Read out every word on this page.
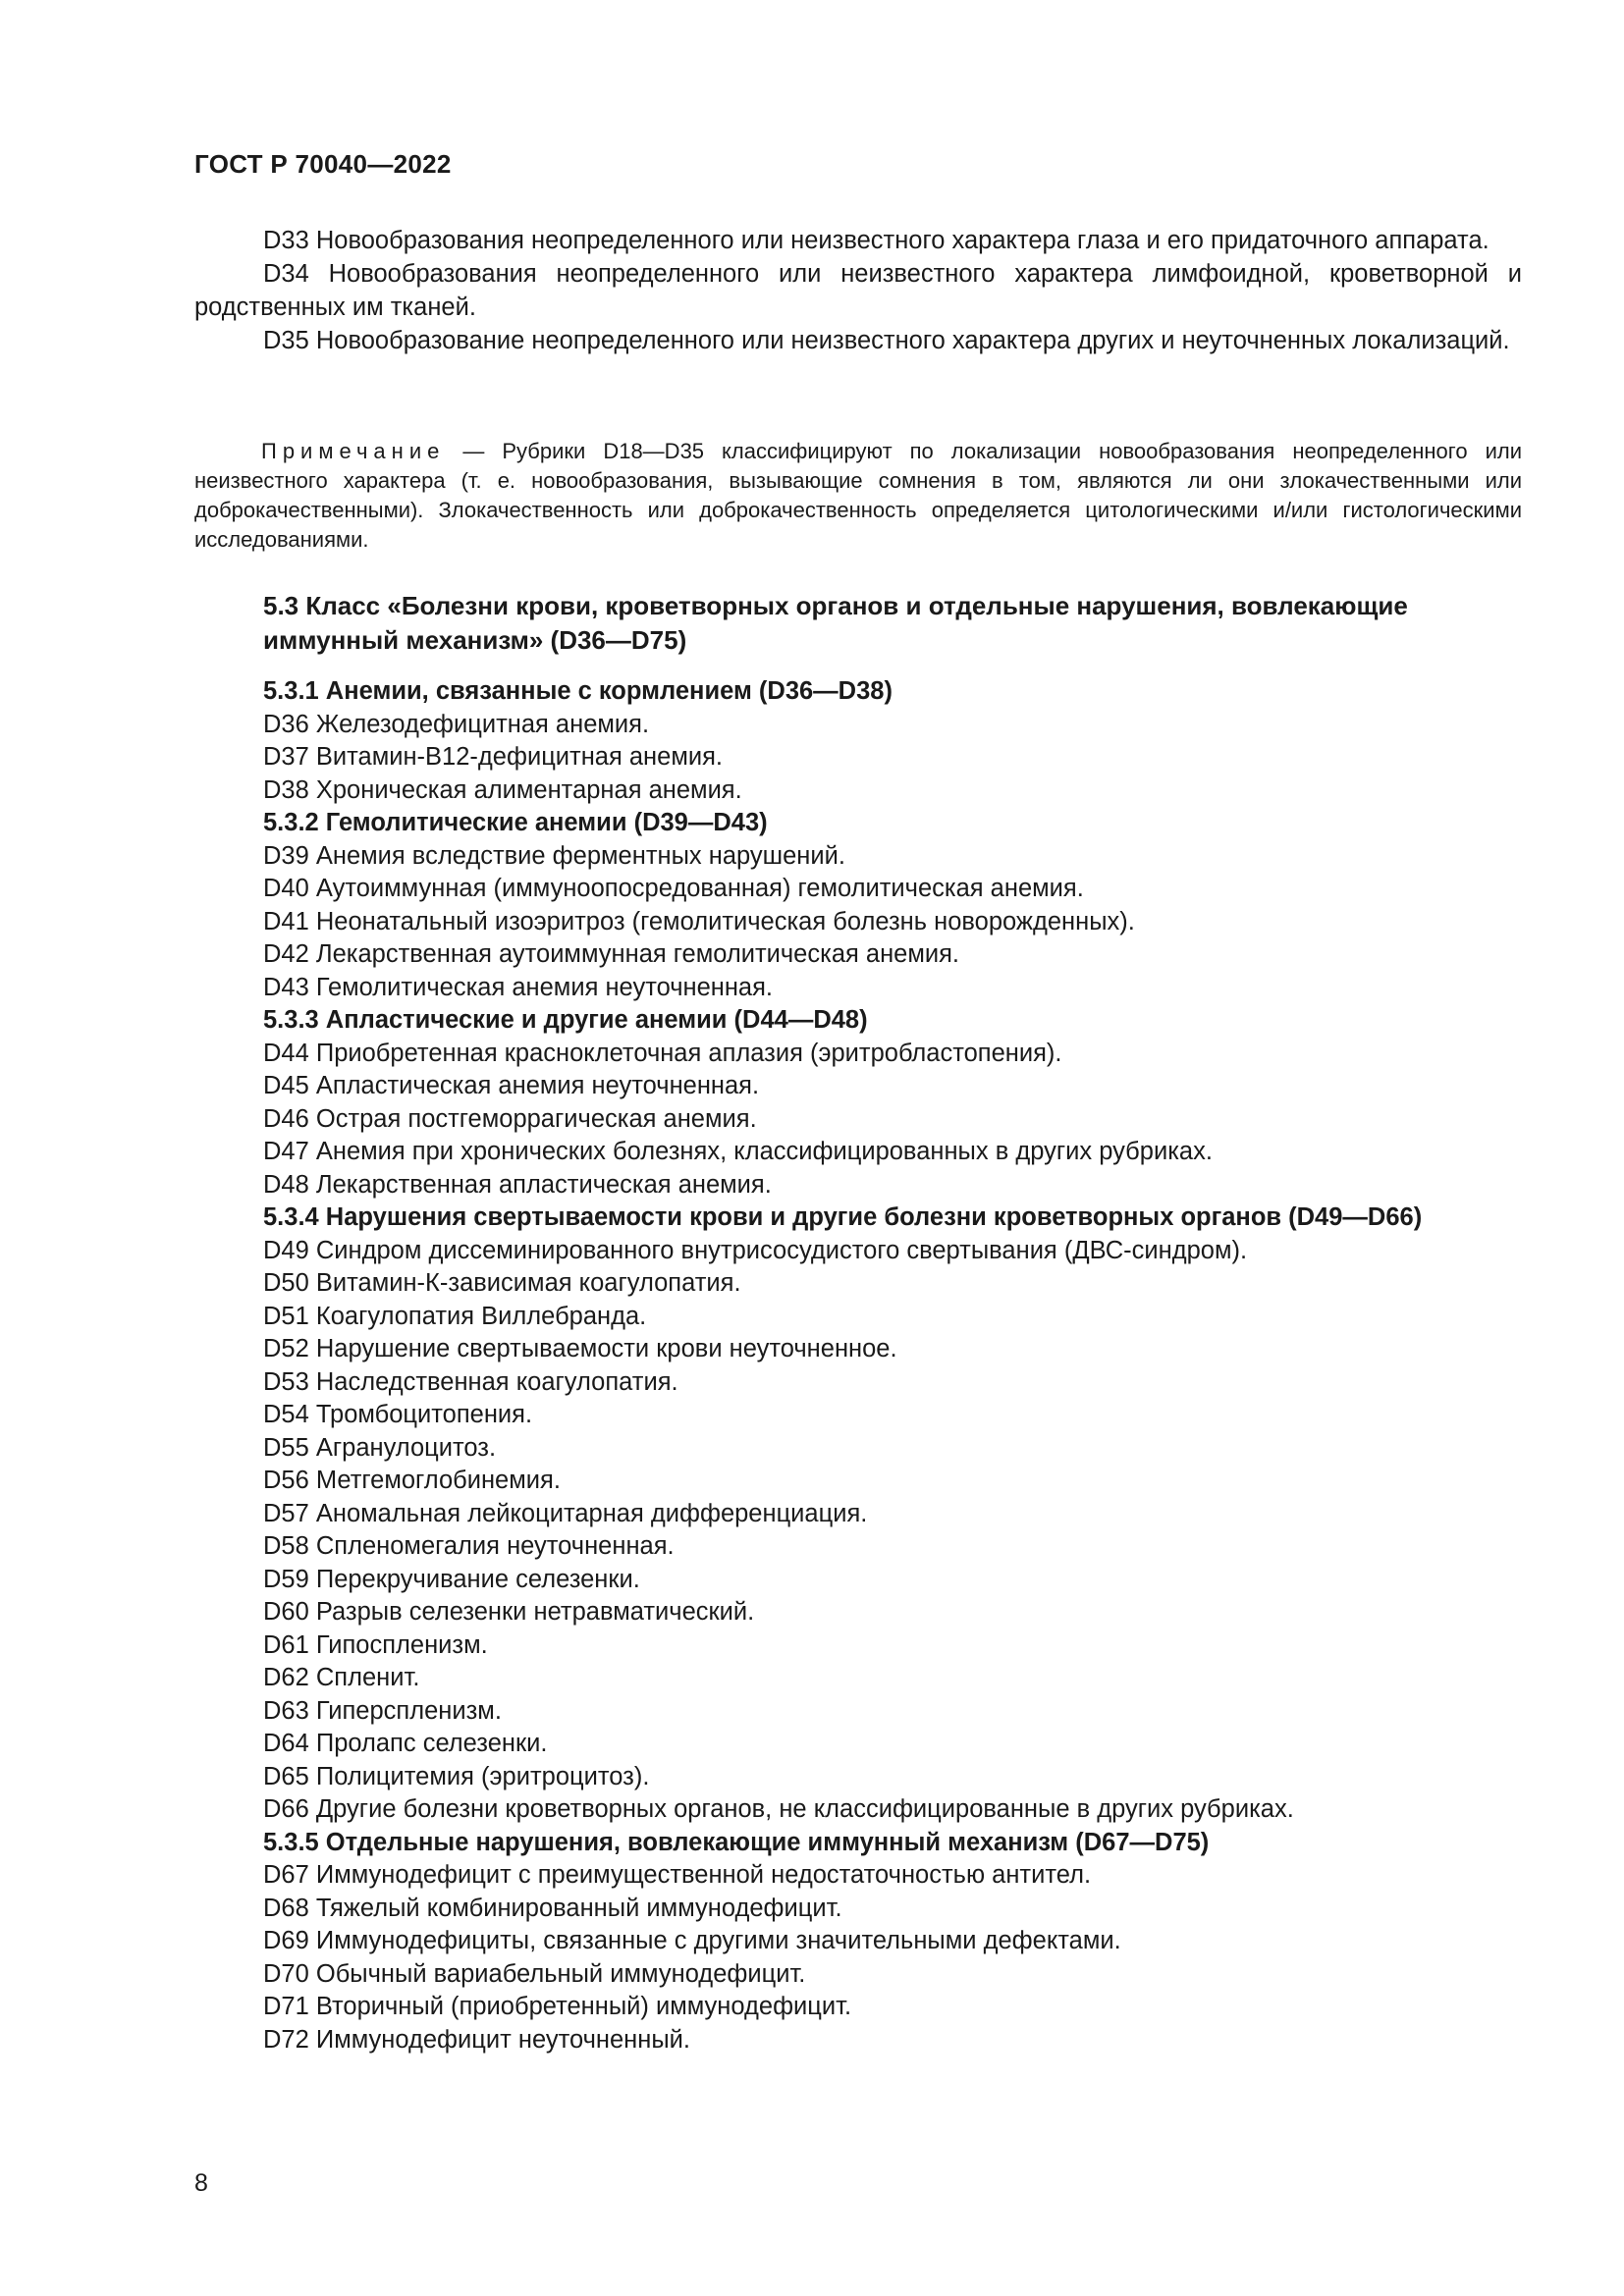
ГОСТ Р 70040—2022

D33 Новообразования неопределенного или неизвестного характера глаза и его придаточного аппарата.

D34 Новообразования неопределенного или неизвестного характера лимфоидной, кроветворной и родственных им тканей.

D35 Новообразование неопределенного или неизвестного характера других и неуточненных локализаций.

Примечание — Рубрики D18—D35 классифицируют по локализации новообразования неопределенного или неизвестного характера (т. е. новообразования, вызывающие сомнения в том, являются ли они злокачественными или доброкачественными). Злокачественность или доброкачественность определяется цитологическими и/или гистологическими исследованиями.

5.3 Класс «Болезни крови, кроветворных органов и отдельные нарушения, вовлекающие иммунный механизм» (D36—D75)
5.3.1 Анемии, связанные с кормлением (D36—D38)
D36 Железодефицитная анемия.
D37 Витамин-В12-дефицитная анемия.
D38 Хроническая алиментарная анемия.
5.3.2 Гемолитические анемии (D39—D43)
D39 Анемия вследствие ферментных нарушений.
D40 Аутоиммунная (иммуноопосредованная) гемолитическая анемия.
D41 Неонатальный изоэритроз (гемолитическая болезнь новорожденных).
D42 Лекарственная аутоиммунная гемолитическая анемия.
D43 Гемолитическая анемия неуточненная.
5.3.3 Апластические и другие анемии (D44—D48)
D44 Приобретенная красноклеточная аплазия (эритробластопения).
D45 Апластическая анемия неуточненная.
D46 Острая постгеморрагическая анемия.
D47 Анемия при хронических болезнях, классифицированных в других рубриках.
D48 Лекарственная апластическая анемия.
5.3.4 Нарушения свертываемости крови и другие болезни кроветворных органов (D49—D66)
D49 Синдром диссеминированного внутрисосудистого свертывания (ДВС-синдром).
D50 Витамин-К-зависимая коагулопатия.
D51 Коагулопатия Виллебранда.
D52 Нарушение свертываемости крови неуточненное.
D53 Наследственная коагулопатия.
D54 Тромбоцитопения.
D55 Агранулоцитоз.
D56 Метгемоглобинемия.
D57 Аномальная лейкоцитарная дифференциация.
D58 Спленомегалия неуточненная.
D59 Перекручивание селезенки.
D60 Разрыв селезенки нетравматический.
D61 Гипоспленизм.
D62 Спленит.
D63 Гиперспленизм.
D64 Пролапс селезенки.
D65 Полицитемия (эритроцитоз).
D66 Другие болезни кроветворных органов, не классифицированные в других рубриках.
5.3.5 Отдельные нарушения, вовлекающие иммунный механизм (D67—D75)
D67 Иммунодефицит с преимущественной недостаточностью антител.
D68 Тяжелый комбинированный иммунодефицит.
D69 Иммунодефициты, связанные с другими значительными дефектами.
D70 Обычный вариабельный иммунодефицит.
D71 Вторичный (приобретенный) иммунодефицит.
D72 Иммунодефицит неуточненный.
8
